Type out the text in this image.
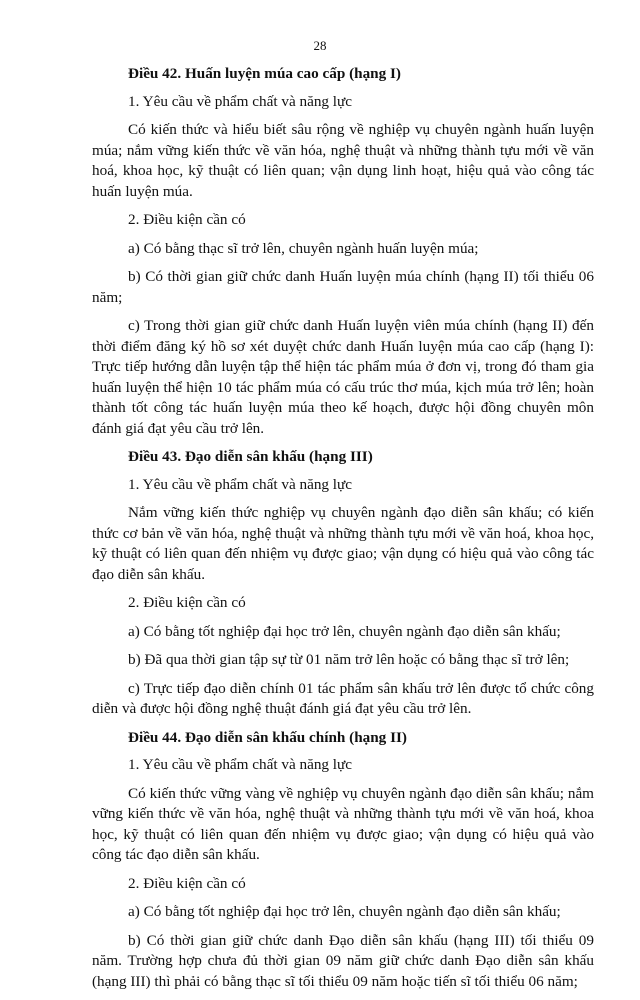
28

Điều 42. Huấn luyện múa cao cấp (hạng I)

1. Yêu cầu về phẩm chất và năng lực

Có kiến thức và hiểu biết sâu rộng về nghiệp vụ chuyên ngành huấn luyện múa; nắm vững kiến thức về văn hóa, nghệ thuật và những thành tựu mới về văn hoá, khoa học, kỹ thuật có liên quan; vận dụng linh hoạt, hiệu quả vào công tác huấn luyện múa.

2. Điều kiện cần có

a) Có bằng thạc sĩ trở lên, chuyên ngành huấn luyện múa;

b) Có thời gian giữ chức danh Huấn luyện múa chính (hạng II) tối thiểu 06 năm;

c) Trong thời gian giữ chức danh Huấn luyện viên múa chính (hạng II) đến thời điểm đăng ký hồ sơ xét duyệt chức danh Huấn luyện múa cao cấp (hạng I): Trực tiếp hướng dẫn luyện tập thể hiện tác phẩm múa ở đơn vị, trong đó tham gia huấn luyện thể hiện 10 tác phẩm múa có cấu trúc thơ múa, kịch múa trở lên; hoàn thành tốt công tác huấn luyện múa theo kế hoạch, được hội đồng chuyên môn đánh giá đạt yêu cầu trở lên.

Điều 43. Đạo diễn sân khấu (hạng III)

1. Yêu cầu về phẩm chất và năng lực

Nắm vững kiến thức nghiệp vụ chuyên ngành đạo diễn sân khấu; có kiến thức cơ bản về văn hóa, nghệ thuật và những thành tựu mới về văn hoá, khoa học, kỹ thuật có liên quan đến nhiệm vụ được giao; vận dụng có hiệu quả vào công tác đạo diễn sân khấu.

2. Điều kiện cần có

a) Có bằng tốt nghiệp đại học trở lên, chuyên ngành đạo diễn sân khấu;

b) Đã qua thời gian tập sự từ 01 năm trở lên hoặc có bằng thạc sĩ trở lên;

c) Trực tiếp đạo diễn chính 01 tác phẩm sân khấu trở lên được tổ chức công diễn và được hội đồng nghệ thuật đánh giá đạt yêu cầu trở lên.

Điều 44. Đạo diễn sân khấu chính (hạng II)

1. Yêu cầu về phẩm chất và năng lực

Có kiến thức vững vàng về nghiệp vụ chuyên ngành đạo diễn sân khấu; nắm vững kiến thức về văn hóa, nghệ thuật và những thành tựu mới về văn hoá, khoa học, kỹ thuật có liên quan đến nhiệm vụ được giao; vận dụng có hiệu quả vào công tác đạo diễn sân khấu.

2. Điều kiện cần có

a) Có bằng tốt nghiệp đại học trở lên, chuyên ngành đạo diễn sân khấu;

b) Có thời gian giữ chức danh Đạo diễn sân khấu (hạng III) tối thiểu 09 năm. Trường hợp chưa đủ thời gian 09 năm giữ chức danh Đạo diễn sân khấu (hạng III) thì phải có bằng thạc sĩ tối thiểu 09 năm hoặc tiến sĩ tối thiểu 06 năm;
